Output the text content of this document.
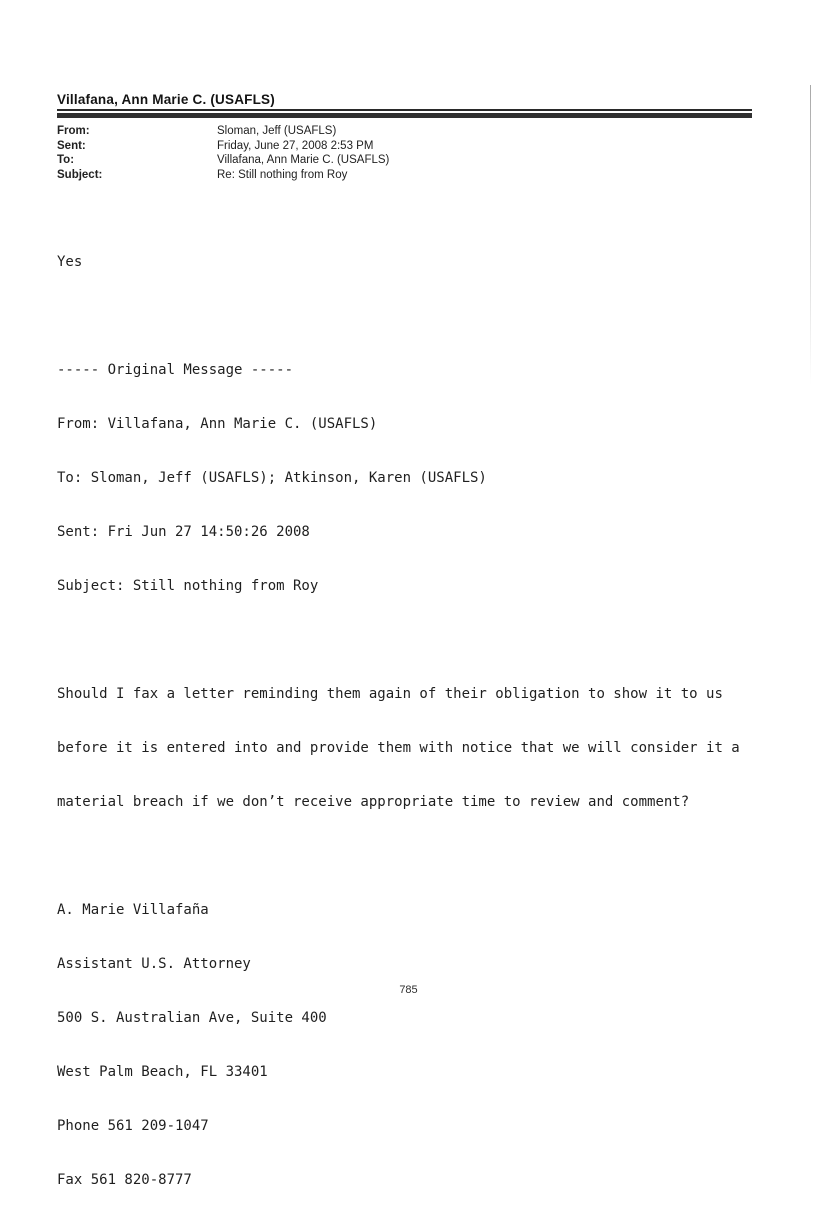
Villafana, Ann Marie C. (USAFLS)
From:	Sloman, Jeff (USAFLS)
Sent:	Friday, June 27, 2008 2:53 PM
To:	Villafana, Ann Marie C. (USAFLS)
Subject:	Re: Still nothing from Roy

Yes

----- Original Message -----

From: Villafana, Ann Marie C. (USAFLS)

To: Sloman, Jeff (USAFLS); Atkinson, Karen (USAFLS)

Sent: Fri Jun 27 14:50:26 2008

Subject: Still nothing from Roy

Should I fax a letter reminding them again of their obligation to show it to us

before it is entered into and provide them with notice that we will consider it a

material breach if we don’t receive appropriate time to review and comment?

A. Marie Villafaña

Assistant U.S. Attorney

500 S. Australian Ave, Suite 400

West Palm Beach, FL 33401

Phone 561 209-1047

Fax 561 820-8777

785
